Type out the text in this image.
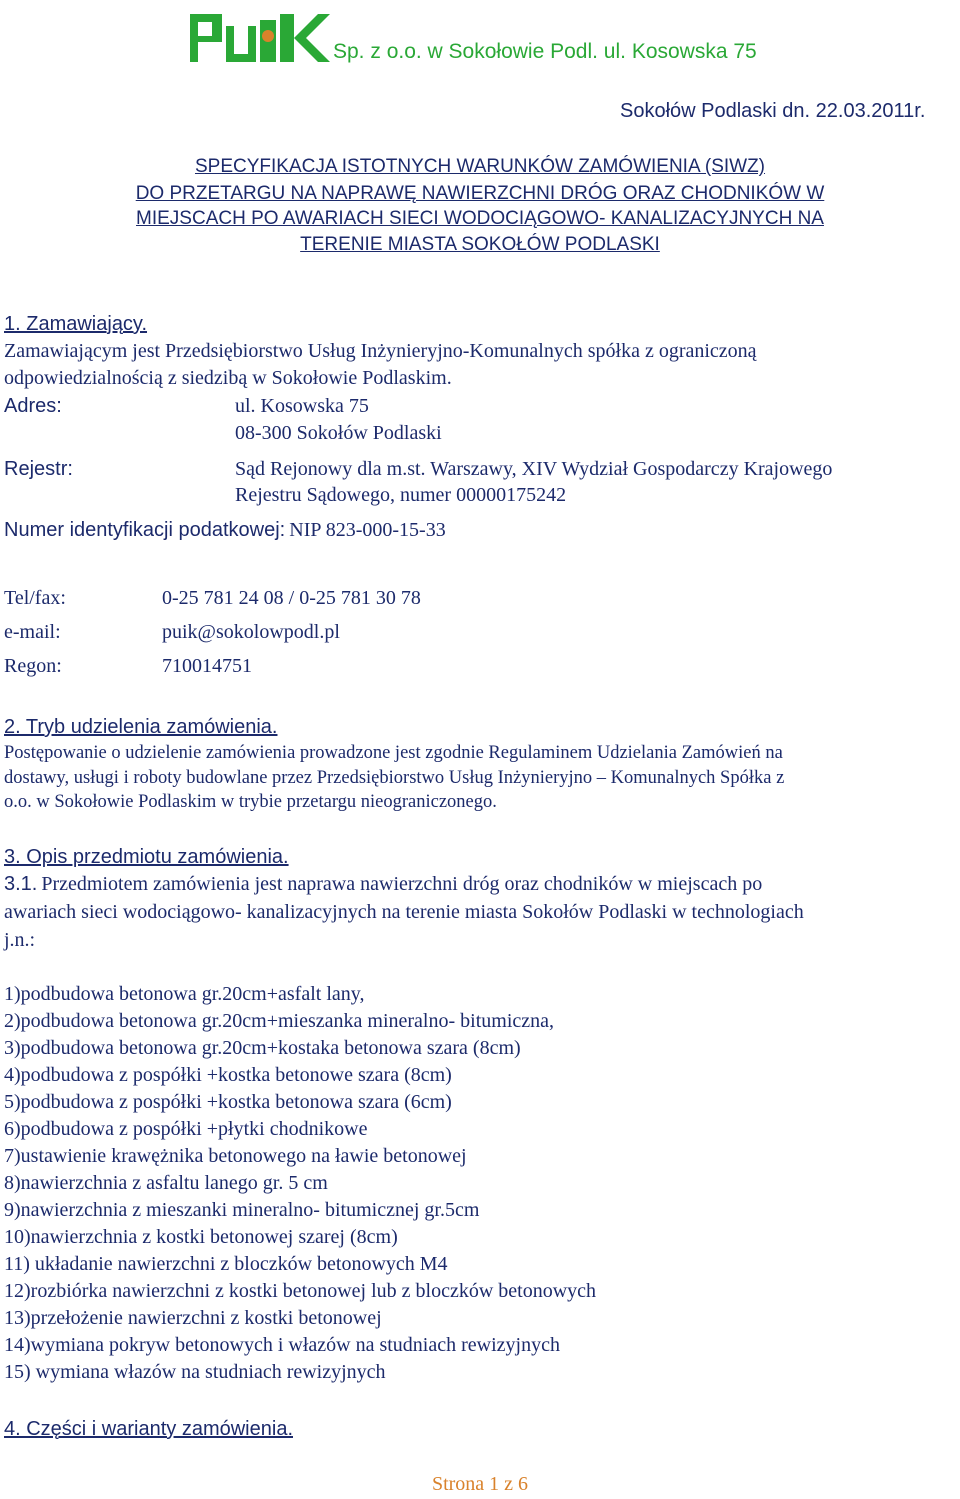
Sp. z o.o. w Sokołowie Podl. ul. Kosowska 75
Sokołów Podlaski dn. 22.03.2011r.
SPECYFIKACJA ISTOTNYCH WARUNKÓW ZAMÓWIENIA (SIWZ)
DO PRZETARGU NA NAPRAWĘ NAWIERZCHNI DRÓG ORAZ CHODNIKÓW W
MIEJSCACH PO AWARIACH SIECI WODOCIĄGOWO- KANALIZACYJNYCH NA
TERENIE MIASTA SOKOŁÓW PODLASKI
1. Zamawiający.
Zamawiającym jest Przedsiębiorstwo Usług Inżynieryjno-Komunalnych spółka z ograniczoną
odpowiedzialnością z siedzibą w Sokołowie Podlaskim.
Adres:	ul. Kosowska 75
08-300 Sokołów Podlaski
Rejestr:	Sąd Rejonowy dla m.st. Warszawy, XIV Wydział Gospodarczy Krajowego
Rejestru Sądowego, numer 00000175242
Numer identyfikacji podatkowej: NIP 823-000-15-33
Tel/fax:	0-25 781 24 08 / 0-25 781 30 78
e-mail:	puik@sokolowpodl.pl
Regon:	710014751
2. Tryb udzielenia zamówienia.
Postępowanie o udzielenie zamówienia prowadzone jest zgodnie Regulaminem Udzielania Zamówień na
dostawy, usługi i roboty budowlane przez Przedsiębiorstwo Usług Inżynieryjno – Komunalnych Spółka z
o.o. w Sokołowie Podlaskim w trybie przetargu nieograniczonego.
3. Opis przedmiotu zamówienia.
3.1. Przedmiotem zamówienia jest naprawa nawierzchni dróg oraz chodników w miejscach po
awariach sieci wodociągowo- kanalizacyjnych na terenie miasta Sokołów Podlaski w technologiach
j.n.:
1)podbudowa betonowa gr.20cm+asfalt lany,
2)podbudowa betonowa gr.20cm+mieszanka mineralno- bitumiczna,
3)podbudowa betonowa gr.20cm+kostaka betonowa szara (8cm)
4)podbudowa z pospółki +kostka betonowe szara (8cm)
5)podbudowa z pospółki +kostka betonowa szara (6cm)
6)podbudowa z pospółki +płytki chodnikowe
7)ustawienie krawężnika betonowego na ławie betonowej
8)nawierzchnia z asfaltu lanego gr. 5 cm
9)nawierzchnia z mieszanki mineralno- bitumicznej gr.5cm
10)nawierzchnia z kostki betonowej szarej (8cm)
11) układanie nawierzchni z bloczków betonowych M4
12)rozbiórka nawierzchni z kostki betonowej lub z bloczków betonowych
13)przełożenie nawierzchni z kostki betonowej
14)wymiana pokryw betonowych i włazów na studniach rewizyjnych
15) wymiana włazów na studniach rewizyjnych
4. Części i warianty zamówienia.
Strona 1 z 6
